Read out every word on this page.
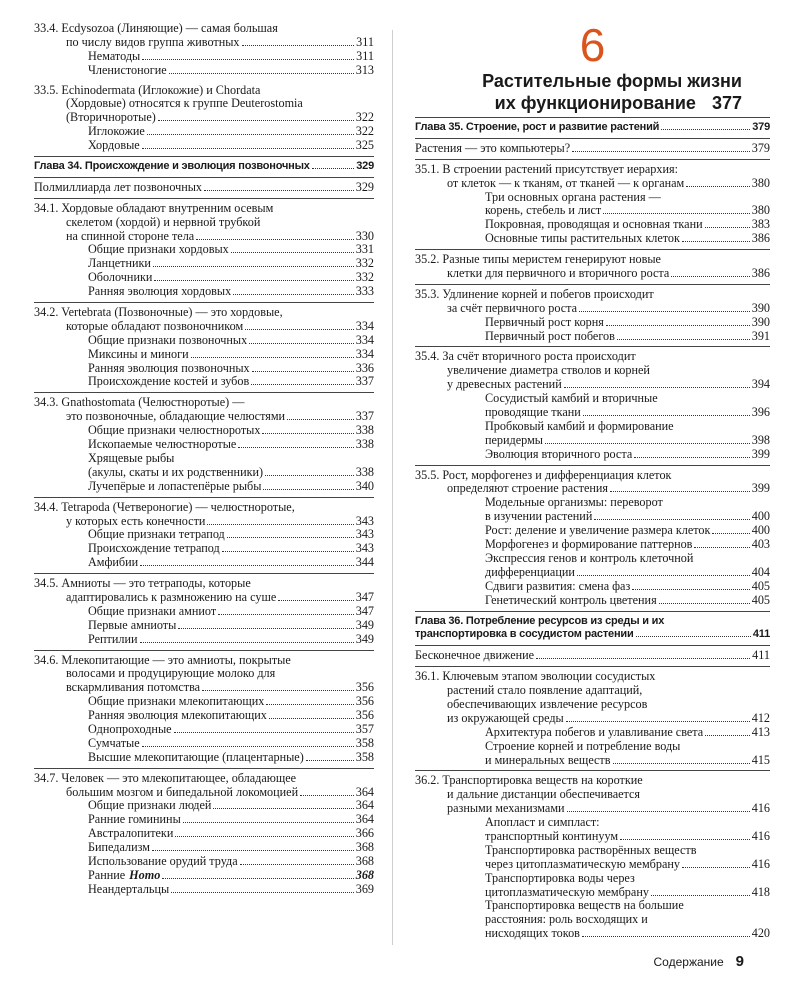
33.4. Ecdysozoa (Линяющие) — самая большая
по числу видов группа животных	311
Нематоды	311
Членистоногие	313
33.5. Echinodermata (Иглокожие) и Chordata
(Хордовые) относятся к группе Deuterostomia
(Вторичноротые)	322
Иглокожие	322
Хордовые	325
Глава 34. Происхождение и эволюция позвоночных	329
Полмиллиарда лет позвоночных	329
34.1. Хордовые обладают внутренним осевым
скелетом (хордой) и нервной трубкой
на спинной стороне тела	330
Общие признаки хордовых	331
Ланцетники	332
Оболочники	332
Ранняя эволюция хордовых	333
34.2. Vertebrata (Позвоночные) — это хордовые,
которые обладают позвоночником	334
Общие признаки позвоночных	334
Миксины и миноги	334
Ранняя эволюция позвоночных	336
Происхождение костей и зубов	337
34.3. Gnathostomata (Челюстноротые) —
это позвоночные, обладающие челюстями	337
Общие признаки челюстноротых	338
Ископаемые челюстноротые	338
Хрящевые рыбы
(акулы, скаты и их родственники)	338
Лучепёрые и лопастепёрые рыбы	340
34.4. Tetrapoda (Четвероногие) — челюстноротые,
у которых есть конечности	343
Общие признаки тетрапод	343
Происхождение тетрапод	343
Амфибии	344
34.5. Амниоты — это тетраподы, которые
адаптировались к размножению на суше	347
Общие признаки амниот	347
Первые амниоты	349
Рептилии	349
34.6. Млекопитающие — это амниоты, покрытые
волосами и продуцирующие молоко для
вскармливания потомства	356
Общие признаки млекопитающих	356
Ранняя эволюция млекопитающих	356
Однопроходные	357
Сумчатые	358
Высшие млекопитающие (плацентарные)	358
34.7. Человек — это млекопитающее, обладающее
большим мозгом и бипедальной локомоцией	364
Общие признаки людей	364
Ранние гоминины	364
Австралопитеки	366
Бипедализм	368
Использование орудий труда	368
Ранние Homo	368
Неандертальцы	369
6
Растительные формы жизни
их функционирование 377
Глава 35. Строение, рост и развитие растений	379
Растения — это компьютеры?	379
35.1. В строении растений присутствует иерархия:
от клеток — к тканям, от тканей — к органам	380
Три основных органа растения —
корень, стебель и лист	380
Покровная, проводящая и основная ткани	383
Основные типы растительных клеток	386
35.2. Разные типы меристем генерируют новые
клетки для первичного и вторичного роста	386
35.3. Удлинение корней и побегов происходит
за счёт первичного роста	390
Первичный рост корня	390
Первичный рост побегов	391
35.4. За счёт вторичного роста происходит
увеличение диаметра стволов и корней
у древесных растений	394
Сосудистый камбий и вторичные
проводящие ткани	396
Пробковый камбий и формирование
перидермы	398
Эволюция вторичного роста	399
35.5. Рост, морфогенез и дифференциация клеток
определяют строение растения	399
Модельные организмы: переворот
в изучении растений	400
Рост: деление и увеличение размера клеток	400
Морфогенез и формирование паттернов	403
Экспрессия генов и контроль клеточной
дифференциации	404
Сдвиги развития: смена фаз	405
Генетический контроль цветения	405
Глава 36. Потребление ресурсов из среды и их
транспортировка в сосудистом растении	411
Бесконечное движение	411
36.1. Ключевым этапом эволюции сосудистых
растений стало появление адаптаций,
обеспечивающих извлечение ресурсов
из окружающей среды	412
Архитектура побегов и улавливание света	413
Строение корней и потребление воды
и минеральных веществ	415
36.2. Транспортировка веществ на короткие
и дальние дистанции обеспечивается
разными механизмами	416
Апопласт и симпласт:
транспортный континуум	416
Транспортировка растворённых веществ
через цитоплазматическую мембрану	416
Транспортировка воды через
цитоплазматическую мембрану	418
Транспортировка веществ на большие
расстояния: роль восходящих и
нисходящих токов	420
Содержание 9
